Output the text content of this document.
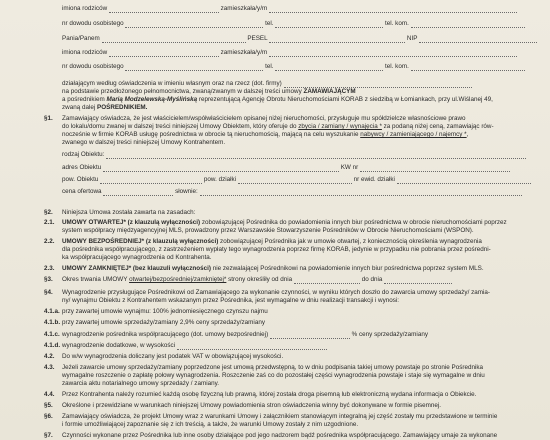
imiona rodziców	zamieszkała/y/m
nr dowodu osobistego	tel.	tel. kom.
Pania/Panem	PESEL	NIP
imiona rodziców	zamieszkała/y/m
nr dowodu osobistego	tel.	tel. kom.
działającym według oświadczenia w imieniu własnym oraz na rzecz (dot. firmy)
na podstawie przedłożonego pełnomocnictwa, zwaną/zwanym w dalszej treści umowy ZAMAWIAJĄCYM
a pośrednikiem Marią Modzelewską-Myślińską reprezentującą Agencję Obrotu Nieruchomościami KORAB z siedzibą w Łomiankach, przy ul.Wiślanej 49,
zwaną dalej POŚREDNIKIEM.
§1. Zamawiający oświadcza, że jest właścicielem/współwłaścicielem opisanej niżej nieruchomości, przysługuje mu spółdzielcze własnościowe prawo
do lokalu/domu zwanej w dalszej treści niniejszej Umowy Obiektem, który oferuje do zbycia / zamiany / wynajęcia * za podaną niżej ceną, zamawiając rów-
nocześnie w firmie KORAB usługę pośrednictwa w obrocie tą nieruchomością, mającą na celu wyszukanie nabywcy / zamieniającego / najemcy *,
zwanego w dalszej treści niniejszej Umowy Kontrahentem.
rodzaj Obiektu:
adres Obiektu	KW nr
pow. Obiektu	pow. działki	nr ewid. działki
cena ofertowa	słownie:
§2. Niniejsza Umowa została zawarta na zasadach:
2.1. UMOWY OTWARTEJ* (z klauzulą wyłączności) zobowiązującej Pośrednika do powiadomienia innych biur pośrednictwa w obrocie nieruchomościami poprzez
system współpracy międzyagencyjnej MLS, prowadzony przez Warszawskie Stowarzyszenie Pośredników w Obrocie Nieruchomościami (WSPON).
2.2. UMOWY BEZPOŚREDNIEJ* (z klauzulą wyłączności) zobowiązującej Pośrednika jak w umowie otwartej, z koniecznością określenia wynagrodzenia
dla pośrednika współpracującego, z zastrzeżeniem wypłaty tego wynagrodzenia poprzez firmę KORAB, jedynie w przypadku nie pobrania przez pośredni-
ka współpracującego wynagrodzenia od Kontrahenta.
2.3. UMOWY ZAMKNIĘTEJ* (bez klauzuli wyłączności) nie zezwalającej Pośrednikowi na powiadomienie innych biur pośrednictwa poprzez system MLS.
§3. Okres trwania UMOWY otwartej/bezpośredniej/zamkniętej* strony określiły od dnia	do dnia
§4. Wynagrodzenie przysługujące Pośrednikowi od Zamawiającego za wykonanie czynności, w wyniku których doszło do zawarcia umowy sprzedaży/ zamia-
ny/ wynajmu Obiektu z Kontrahentem wskazanym przez Pośrednika, jest wymagalne w dniu realizacji transakcji i wynosi:
4.1.a. przy zawartej umowie wynajmu: 100% jednomiesięcznego czynszu najmu
4.1.b. przy zawartej umowie sprzedaży/zamiany 2,9% ceny sprzedaży/zamiany
4.1.c. wynagrodzenie pośrednika współpracującego (dot. umowy bezpośredniej)	% ceny sprzedaży/zamiany
4.1.d. wynagrodzenie dodatkowe, w wysokości
4.2. Do w/w wynagrodzenia doliczany jest podatek VAT w obowiązującej wysokości.
4.3. Jeżeli zawarcie umowy sprzedaży/zamiany poprzedzone jest umową przedwstępną, to w dniu podpisania takiej umowy powstaje po stronie Pośrednika
wymagalne roszczenie o zapłatę połowy wynagrodzenia. Roszczenie zaś co do pozostałej części wynagrodzenia powstaje i staje się wymagalne w dniu
zawarcia aktu notarialnego umowy sprzedaży / zamiany.
4.4. Przez Kontrahenta należy rozumieć każdą osobę fizyczną lub prawną, której została droga pisemną lub elektroniczną wydana informacja o Obiekcie.
§5. Określone i przewidziane w warunkach niniejszej Umowy powiadomienia stron oświadczenia winny być dokonywane w formie pisemnej.
§6. Zamawiający oświadcza, że projekt Umowy wraz z warunkami Umowy i załącznikiem stanowiącym integralną jej część zostały mu przedstawione w terminie
i formie umożliwiającej zapoznanie się z ich treścią, a także, że warunki Umowy zostały z nim uzgodnione.
§7. Czynności wykonane przez Pośrednika lub inne osoby działające pod jego nadzorem bądź pośrednika współpracującego. Zamawiający umaje za wykonane
